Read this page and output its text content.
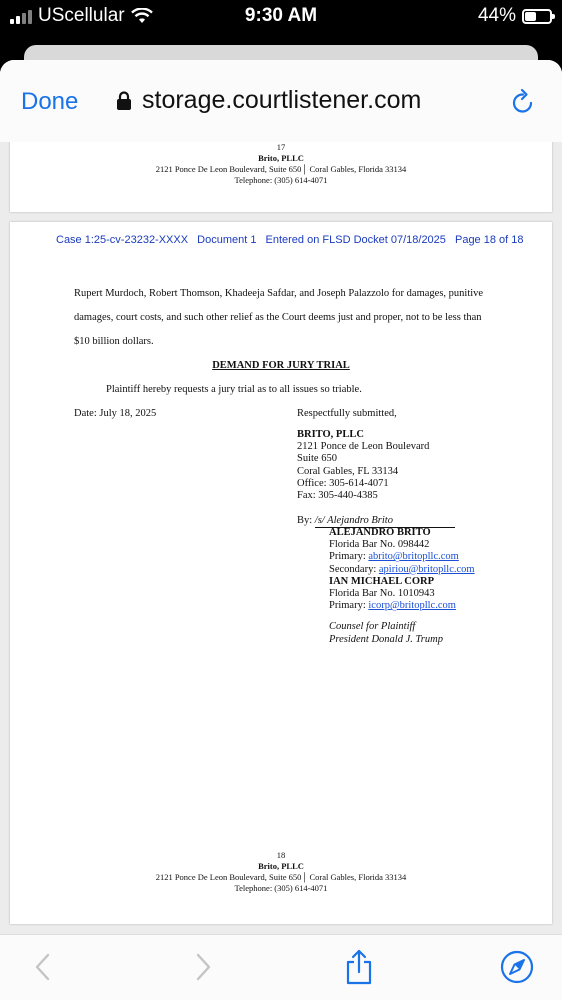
UScellular	9:30 AM	44%
Done	storage.courtlistener.com
17
Brito, PLLC
2121 Ponce De Leon Boulevard, Suite 650│ Coral Gables, Florida 33134
Telephone: (305) 614-4071
Case 1:25-cv-23232-XXXX Document 1 Entered on FLSD Docket 07/18/2025 Page 18 of 18
Rupert Murdoch, Robert Thomson, Khadeeja Safdar, and Joseph Palazzolo for damages, punitive
damages, court costs, and such other relief as the Court deems just and proper, not to be less than
$10 billion dollars.
DEMAND FOR JURY TRIAL
Plaintiff hereby requests a jury trial as to all issues so triable.
Date: July 18, 2025	Respectfully submitted,
BRITO, PLLC
2121 Ponce de Leon Boulevard
Suite 650
Coral Gables, FL 33134
Office: 305-614-4071
Fax: 305-440-4385
By: /s/ Alejandro Brito
ALEJANDRO BRITO
Florida Bar No. 098442
Primary: abrito@britopllc.com
Secondary: apiriou@britopllc.com
IAN MICHAEL CORP
Florida Bar No. 1010943
Primary: icorp@britopllc.com
Counsel for Plaintiff
President Donald J. Trump
18
Brito, PLLC
2121 Ponce De Leon Boulevard, Suite 650│ Coral Gables, Florida 33134
Telephone: (305) 614-4071
